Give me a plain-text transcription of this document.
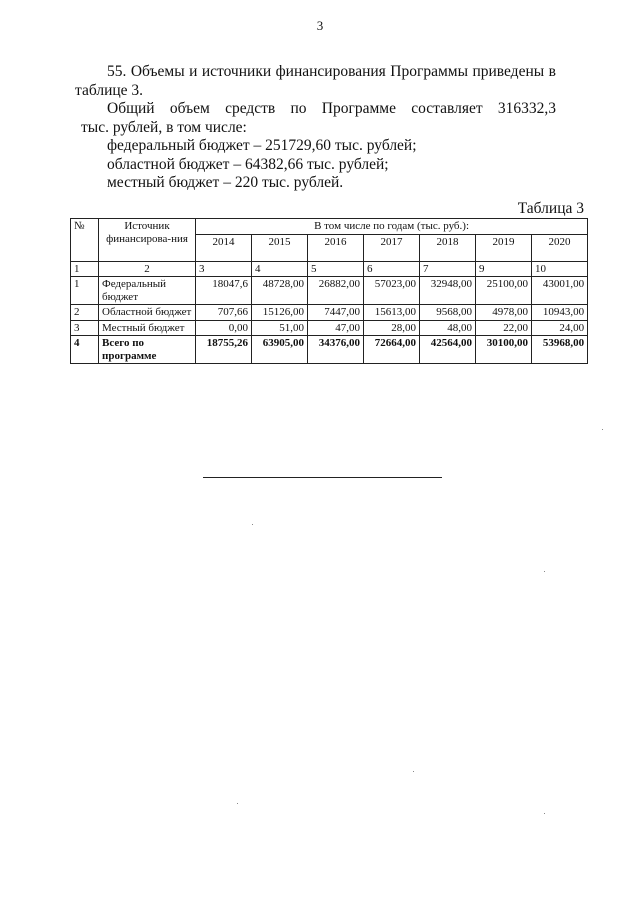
3
55. Объемы и источники финансирования Программы приведены в

таблице 3.

Общий объем средств по Программе составляет 316332,3

тыс. рублей, в том числе:

федеральный бюджет – 251729,60 тыс. рублей;

областной бюджет – 64382,66 тыс. рублей;

местный бюджет – 220 тыс. рублей.

Таблица 3
№	Источник финансирова-ния	В том числе по годам (тыс. руб.):						
		2014	2015	2016	2017	2018	2019	2020
1	2	3	4	5	6	7	9	10
1	Федеральный бюджет	18047,6	48728,00	26882,00	57023,00	32948,00	25100,00	43001,00
2	Областной бюджет	707,66	15126,00	7447,00	15613,00	9568,00	4978,00	10943,00
3	Местный бюджет	0,00	51,00	47,00	28,00	48,00	22,00	24,00
4	Всего по программе	18755,26	63905,00	34376,00	72664,00	42564,00	30100,00	53968,00
